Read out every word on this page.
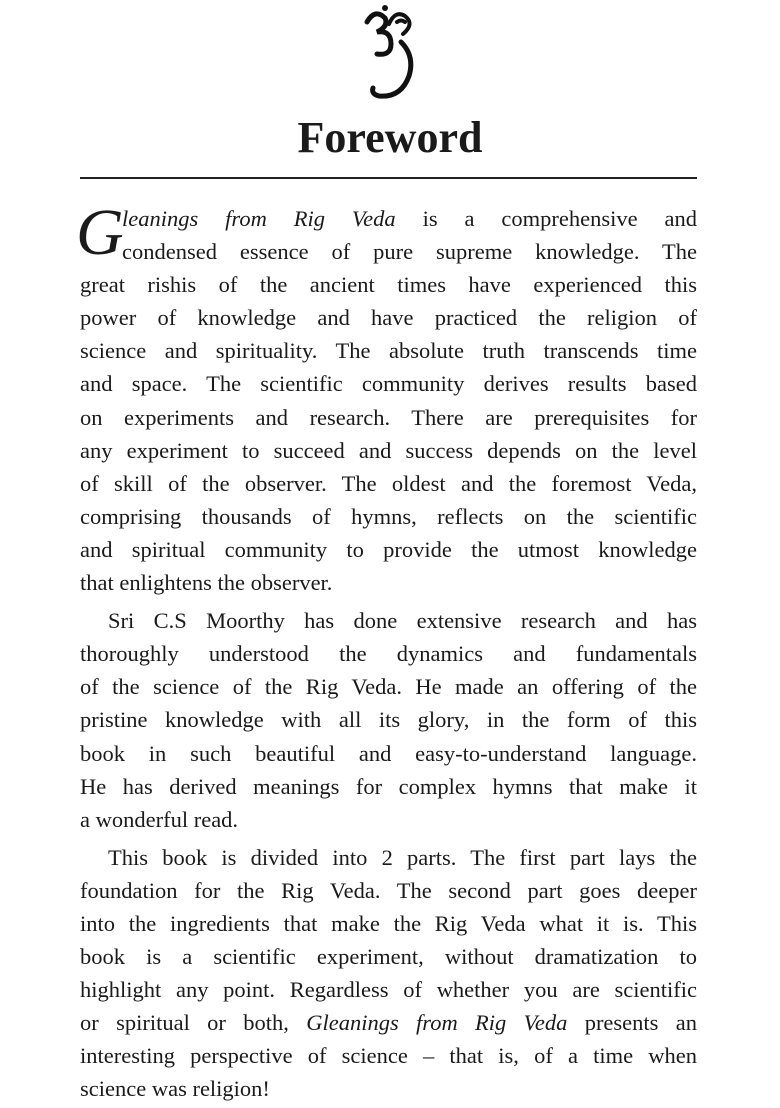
Foreword
G
leanings from Rig Veda is a comprehensive and
condensed essence of pure supreme knowledge. The
great rishis of the ancient times have experienced this
power of knowledge and have practiced the religion of
science and spirituality. The absolute truth transcends time
and space. The scientific community derives results based
on experiments and research. There are prerequisites for
any experiment to succeed and success depends on the level
of skill of the observer. The oldest and the foremost Veda,
comprising thousands of hymns, reflects on the scientific
and spiritual community to provide the utmost knowledge
that enlightens the observer.
Sri C.S Moorthy has done extensive research and has
thoroughly understood the dynamics and fundamentals
of the science of the Rig Veda. He made an offering of the
pristine knowledge with all its glory, in the form of this
book in such beautiful and easy-to-understand language.
He has derived meanings for complex hymns that make it
a wonderful read.
This book is divided into 2 parts. The first part lays the
foundation for the Rig Veda. The second part goes deeper
into the ingredients that make the Rig Veda what it is. This
book is a scientific experiment, without dramatization to
highlight any point. Regardless of whether you are scientific
or spiritual or both, Gleanings from Rig Veda presents an
interesting perspective of science – that is, of a time when
science was religion!
